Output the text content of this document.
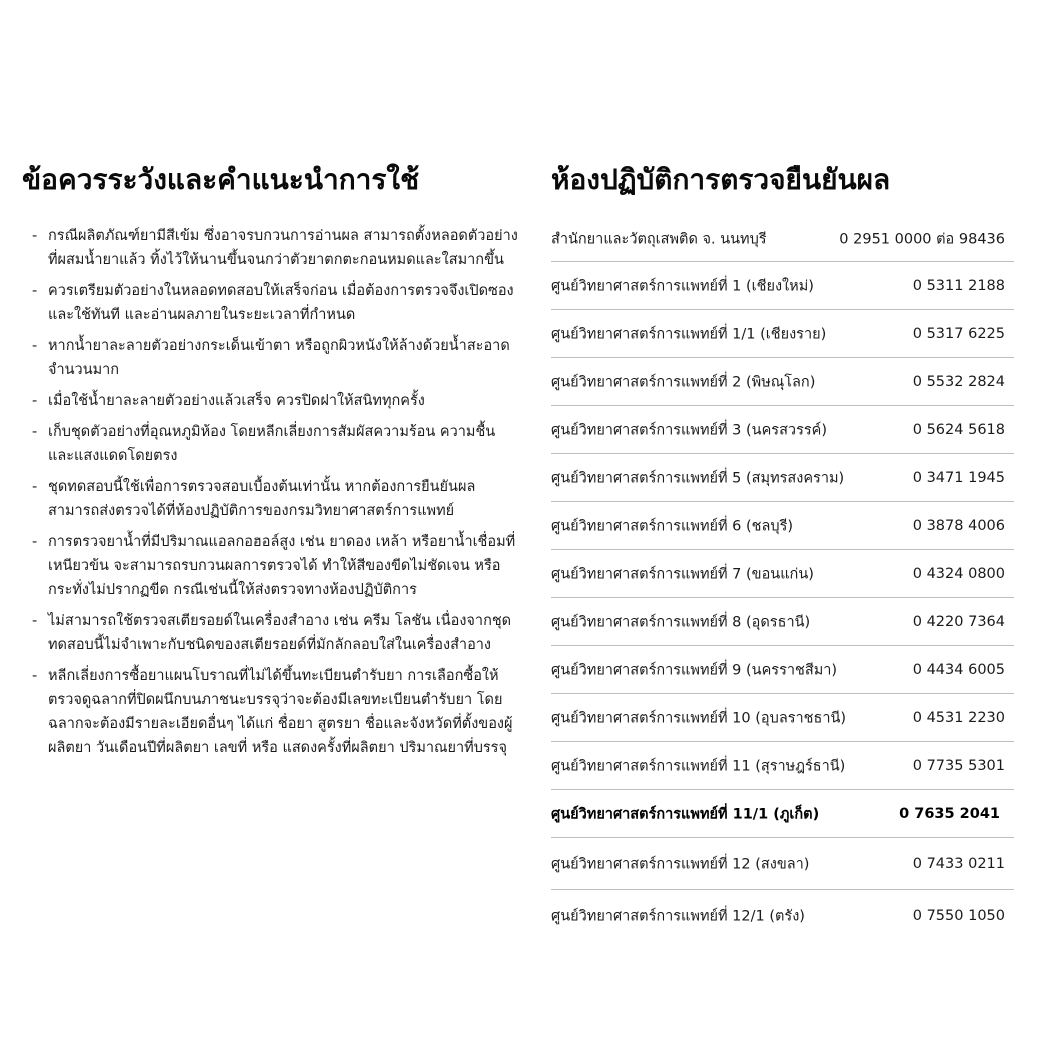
ข้อควรระวังและคำแนะนำการใช้
- กรณีผลิตภัณฑ์ยามีสีเข้ม ซึ่งอาจรบกวนการอ่านผล สามารถตั้งหลอดตัวอย่างที่ผสมน้ำยาแล้ว ทิ้งไว้ให้นานขึ้นจนกว่าตัวยาตกตะกอนหมดและใสมากขึ้น
- ควรเตรียมตัวอย่างในหลอดทดสอบให้เสร็จก่อน เมื่อต้องการตรวจจึงเปิดซองและใช้ทันที และอ่านผลภายในระยะเวลาที่กำหนด
- หากน้ำยาละลายตัวอย่างกระเด็นเข้าตา หรือถูกผิวหนังให้ล้างด้วยน้ำสะอาดจำนวนมาก
- เมื่อใช้น้ำยาละลายตัวอย่างแล้วเสร็จ ควรปิดฝาให้สนิททุกครั้ง
- เก็บชุดตัวอย่างที่อุณหภูมิห้อง โดยหลีกเลี่ยงการสัมผัสความร้อน ความชื้น และแสงแดดโดยตรง
- ชุดทดสอบนี้ใช้เพื่อการตรวจสอบเบื้องต้นเท่านั้น หากต้องการยืนยันผลสามารถส่งตรวจได้ที่ห้องปฏิบัติการของกรมวิทยาศาสตร์การแพทย์
- การตรวจยาน้ำที่มีปริมาณแอลกอฮอล์สูง เช่น ยาดอง เหล้า หรือยาน้ำเชื่อมที่เหนียวข้น จะสามารถรบกวนผลการตรวจได้ ทำให้สีของขีดไม่ชัดเจน หรือกระทั่งไม่ปรากฏขีด กรณีเช่นนี้ให้ส่งตรวจทางห้องปฏิบัติการ
- ไม่สามารถใช้ตรวจสเตียรอยด์ในเครื่องสำอาง เช่น ครีม โลชัน เนื่องจากชุดทดสอบนี้ไม่จำเพาะกับชนิดของสเตียรอยด์ที่มักลักลอบใส่ในเครื่องสำอาง
- หลีกเลี่ยงการซื้อยาแผนโบราณที่ไม่ได้ขึ้นทะเบียนตำรับยา การเลือกซื้อให้ตรวจดูฉลากที่ปิดผนึกบนภาชนะบรรจุว่าจะต้องมีเลขทะเบียนตำรับยา โดยฉลากจะต้องมีรายละเอียดอื่นๆ ได้แก่ ชื่อยา สูตรยา ชื่อและจังหวัดที่ตั้งของผู้ผลิตยา วันเดือนปีที่ผลิตยา เลขที่ หรือ แสดงครั้งที่ผลิตยา ปริมาณยาที่บรรจุ
ห้องปฏิบัติการตรวจยืนยันผล
สำนักยาและวัตถุเสพติด จ. นนทบุรี	0 2951 0000 ต่อ 98436
ศูนย์วิทยาศาสตร์การแพทย์ที่ 1 (เชียงใหม่)	0 5311 2188
ศูนย์วิทยาศาสตร์การแพทย์ที่ 1/1 (เชียงราย)	0 5317 6225
ศูนย์วิทยาศาสตร์การแพทย์ที่ 2 (พิษณุโลก)	0 5532 2824
ศูนย์วิทยาศาสตร์การแพทย์ที่ 3 (นครสวรรค์)	0 5624 5618
ศูนย์วิทยาศาสตร์การแพทย์ที่ 5 (สมุทรสงคราม)	0 3471 1945
ศูนย์วิทยาศาสตร์การแพทย์ที่ 6 (ชลบุรี)	0 3878 4006
ศูนย์วิทยาศาสตร์การแพทย์ที่ 7 (ขอนแก่น)	0 4324 0800
ศูนย์วิทยาศาสตร์การแพทย์ที่ 8 (อุดรธานี)	0 4220 7364
ศูนย์วิทยาศาสตร์การแพทย์ที่ 9 (นครราชสีมา)	0 4434 6005
ศูนย์วิทยาศาสตร์การแพทย์ที่ 10 (อุบลราชธานี)	0 4531 2230
ศูนย์วิทยาศาสตร์การแพทย์ที่ 11 (สุราษฎร์ธานี)	0 7735 5301
ศูนย์วิทยาศาสตร์การแพทย์ที่ 11/1 (ภูเก็ต)	0 7635 2041
ศูนย์วิทยาศาสตร์การแพทย์ที่ 12 (สงขลา)	0 7433 0211
ศูนย์วิทยาศาสตร์การแพทย์ที่ 12/1 (ตรัง)	0 7550 1050
